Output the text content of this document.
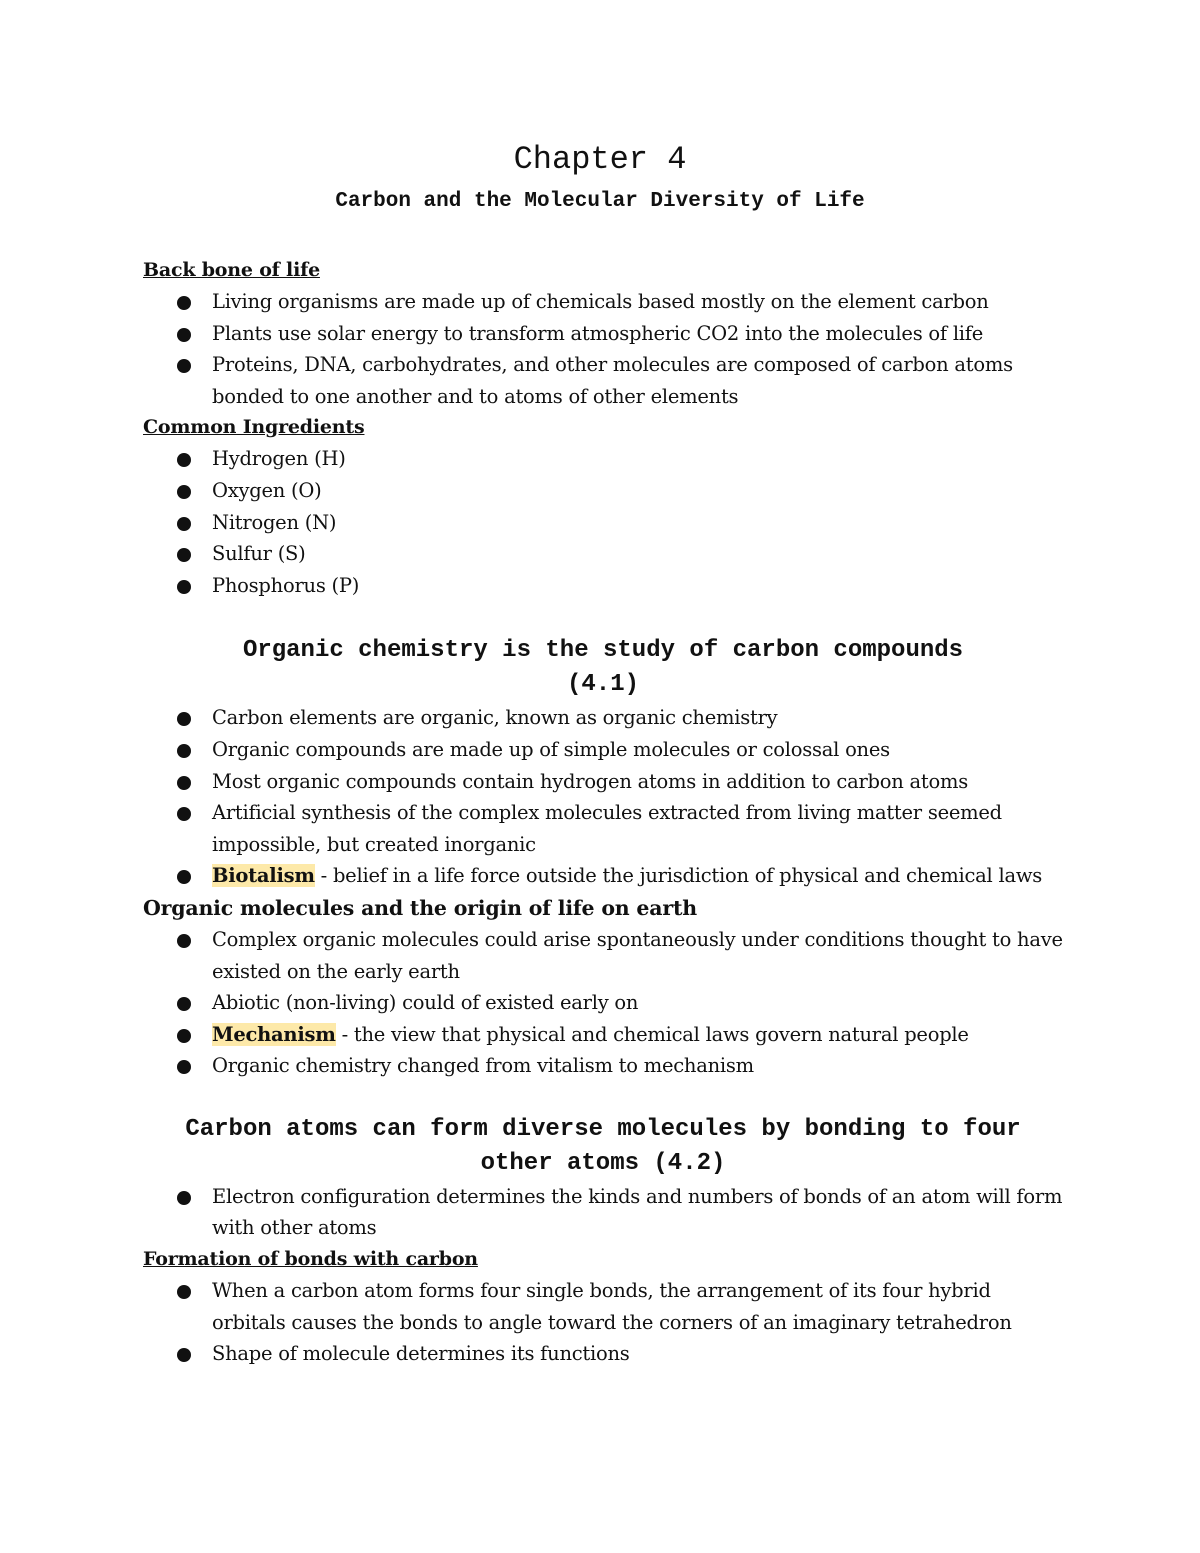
Chapter 4
Carbon and the Molecular Diversity of Life
Back bone of life
Living organisms are made up of chemicals based mostly on the element carbon
Plants use solar energy to transform atmospheric CO2 into the molecules of life
Proteins, DNA, carbohydrates, and other molecules are composed of carbon atoms bonded to one another and to atoms of other elements
Common Ingredients
Hydrogen (H)
Oxygen (O)
Nitrogen (N)
Sulfur (S)
Phosphorus (P)
Organic chemistry is the study of carbon compounds
(4.1)
Carbon elements are organic, known as organic chemistry
Organic compounds are made up of simple molecules or colossal ones
Most organic compounds contain hydrogen atoms in addition to carbon atoms
Artificial synthesis of the complex molecules extracted from living matter seemed impossible, but created inorganic
Biotalism - belief in a life force outside the jurisdiction of physical and chemical laws
Organic molecules and the origin of life on earth
Complex organic molecules could arise spontaneously under conditions thought to have existed on the early earth
Abiotic (non-living) could of existed early on
Mechanism - the view that physical and chemical laws govern natural people
Organic chemistry changed from vitalism to mechanism
Carbon atoms can form diverse molecules by bonding to four
other atoms (4.2)
Electron configuration determines the kinds and numbers of bonds of an atom will form with other atoms
Formation of bonds with carbon
When a carbon atom forms four single bonds, the arrangement of its four hybrid orbitals causes the bonds to angle toward the corners of an imaginary tetrahedron
Shape of molecule determines its functions
